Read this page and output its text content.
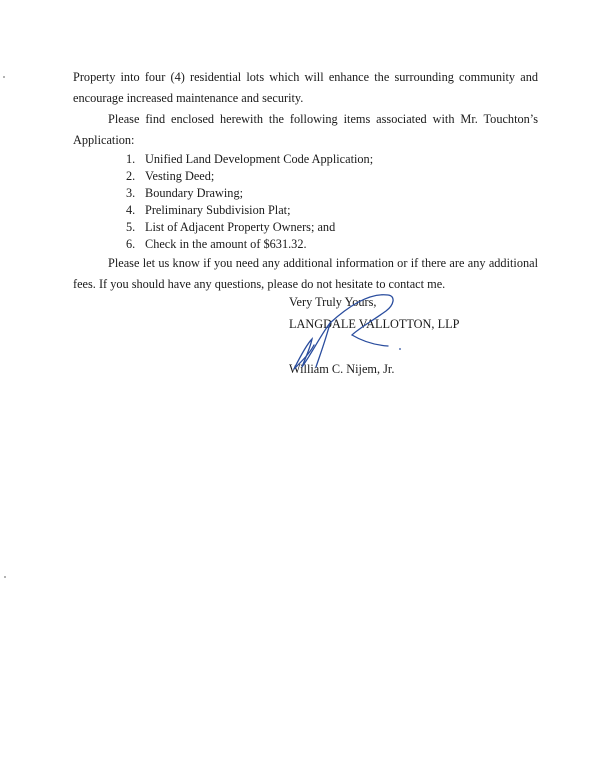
Property into four (4) residential lots which will enhance the surrounding community and encourage increased maintenance and security.
Please find enclosed herewith the following items associated with Mr. Touchton’s Application:
1. Unified Land Development Code Application;
2. Vesting Deed;
3. Boundary Drawing;
4. Preliminary Subdivision Plat;
5. List of Adjacent Property Owners; and
6. Check in the amount of $631.32.
Please let us know if you need any additional information or if there are any additional fees. If you should have any questions, please do not hesitate to contact me.
Very Truly Yours,
LANGDALE VALLOTTON, LLP
William C. Nijem, Jr.
